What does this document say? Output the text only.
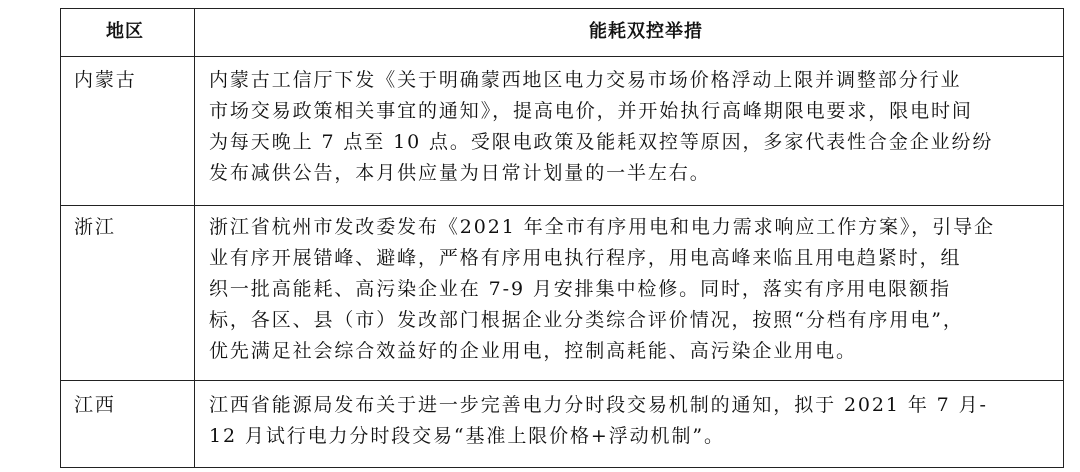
地区	能耗双控举措
内蒙古	内蒙古工信厅下发《关于明确蒙西地区电力交易市场价格浮动上限并调整部分行业
市场交易政策相关事宜的通知》，提高电价，并开始执行高峰期限电要求，限电时间
为每天晚上 7 点至 10 点。受限电政策及能耗双控等原因，多家代表性合金企业纷纷
发布减供公告，本月供应量为日常计划量的一半左右。
浙江	浙江省杭州市发改委发布《2021 年全市有序用电和电力需求响应工作方案》，引导企
业有序开展错峰、避峰，严格有序用电执行程序，用电高峰来临且用电趋紧时，组
织一批高能耗、高污染企业在 7-9 月安排集中检修。同时，落实有序用电限额指
标，各区、县（市）发改部门根据企业分类综合评价情况，按照“分档有序用电”，
优先满足社会综合效益好的企业用电，控制高耗能、高污染企业用电。
江西	江西省能源局发布关于进一步完善电力分时段交易机制的通知，拟于 2021 年 7 月-
12 月试行电力分时段交易“基准上限价格+浮动机制”。
